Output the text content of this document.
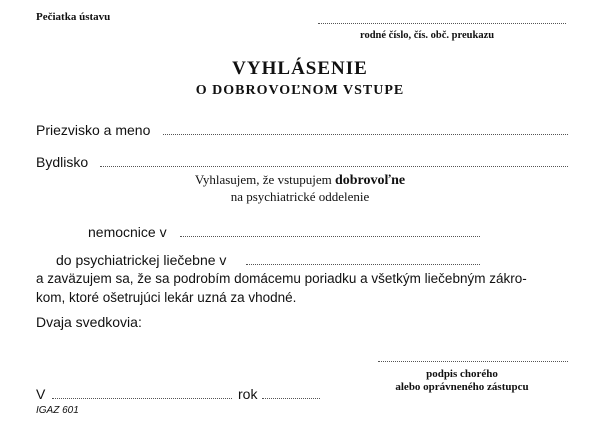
Pečiatka ústavu
rodné číslo, čís. obč. preukazu
VYHLÁSENIE
O DOBROVOĽNOM VSTUPE
Priezvisko a meno
Bydlisko
Vyhlasujem, že vstupujem dobrovoľne
na psychiatrické oddelenie
nemocnice v
do psychiatrickej liečebne v
a zaväzujem sa, že sa podrobím domácemu poriadku a všetkým liečebným zákro-
kom, ktoré ošetrujúci lekár uzná za vhodné.
Dvaja svedkovia:
podpis chorého
alebo oprávneného zástupcu
V	rok
IGAZ 601
